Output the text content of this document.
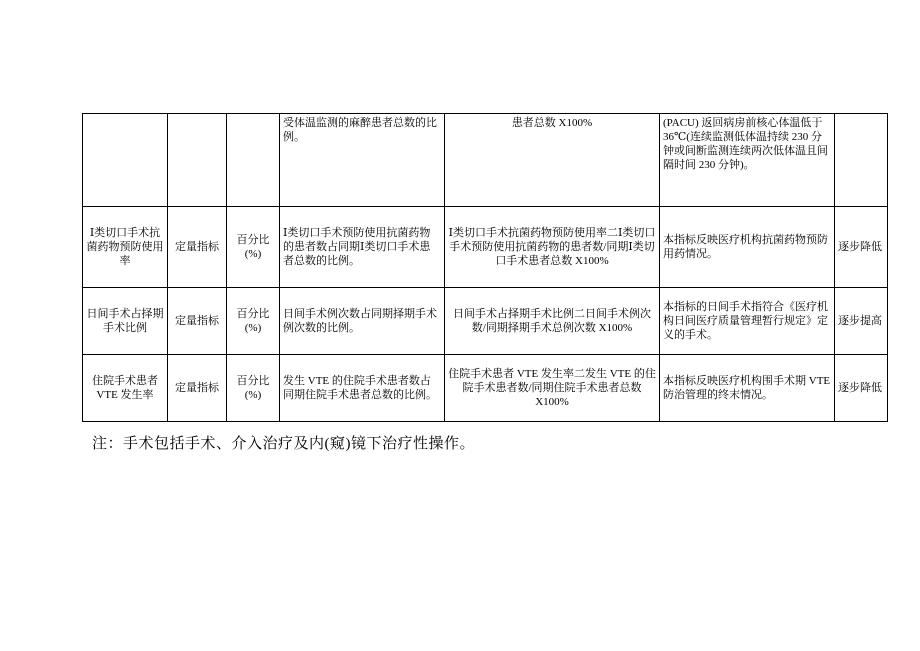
			受体温监测的麻醉患者总数的比例。	患者总数 X100%	(PACU) 返回病房前核心体温低于36℃(连续监测低体温持续 230 分钟或间断监测连续两次低体温且间隔时间 230 分钟)。	
Ⅰ类切口手术抗菌药物预防使用率	定量指标	百分比(%)	Ⅰ类切口手术预防使用抗菌药物的患者数占同期Ⅰ类切口手术患者总数的比例。	Ⅰ类切口手术抗菌药物预防使用率二Ⅰ类切口手术预防使用抗菌药物的患者数/同期Ⅰ类切口手术患者总数 X100%	本指标反映医疗机构抗菌药物预防用药情况。	逐步降低
日间手术占择期手术比例	定量指标	百分比(%)	日间手术例次数占同期择期手术例次数的比例。	日间手术占择期手术比例二日间手术例次数/同期择期手术总例次数 X100%	本指标的日间手术指符合《医疗机构日间医疗质量管理暂行规定》定义的手术。	逐步提高
住院手术患者 VTE 发生率	定量指标	百分比(%)	发生 VTE 的住院手术患者数占同期住院手术患者总数的比例。	住院手术患者 VTE 发生率二发生 VTE 的住院手术患者数/同期住院手术患者总数 X100%	本指标反映医疗机构围手术期 VTE 防治管理的终末情况。	逐步降低
注：手术包括手术、介入治疗及内(窥)镜下治疗性操作。
